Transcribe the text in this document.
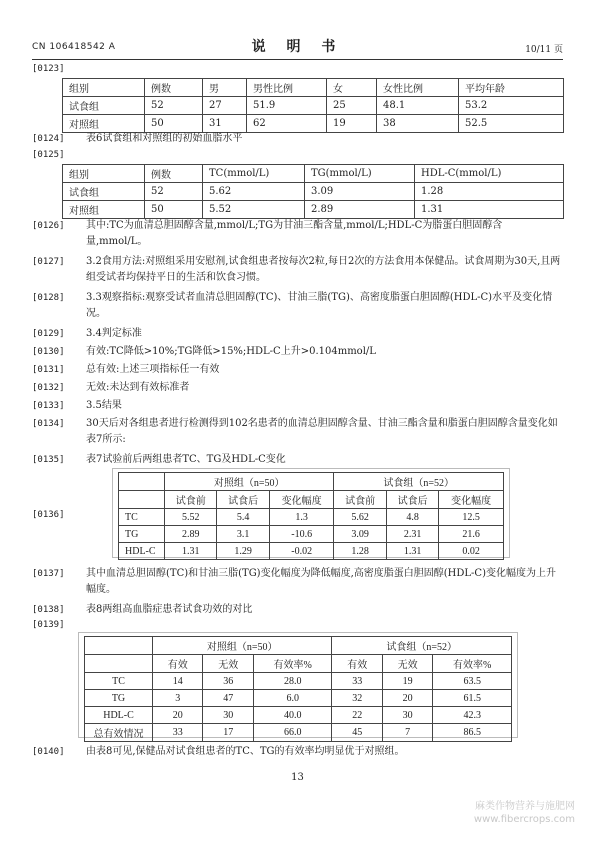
CN 106418542 A	说 明 书	10/11 页
[0123]
组别	例数	男	男性比例	女	女性比例	平均年龄
试食组	52	27	51.9	25	48.1	53.2
对照组	50	31	62	19	38	52.5
[0124] 表6试食组和对照组的初始血脂水平
[0125]
组别	例数	TC(mmol/L)	TG(mmol/L)	HDL-C(mmol/L)
试食组	52	5.62	3.09	1.28
对照组	50	5.52	2.89	1.31
[0126] 其中:TC为血清总胆固醇含量,mmol/L;TG为甘油三酯含量,mmol/L;HDL-C为脂蛋白胆固醇含量,mmol/L。
[0127] 3.2食用方法:对照组采用安慰剂,试食组患者按每次2粒,每日2次的方法食用本保健品。试食周期为30天,且两组受试者均保持平日的生活和饮食习惯。
[0128] 3.3观察指标:观察受试者血清总胆固醇(TC)、甘油三脂(TG)、高密度脂蛋白胆固醇(HDL-C)水平及变化情况。
[0129] 3.4判定标准
[0130] 有效:TC降低>10%;TG降低>15%;HDL-C上升>0.104mmol/L
[0131] 总有效:上述三项指标任一有效
[0132] 无效:未达到有效标准者
[0133] 3.5结果
[0134] 30天后对各组患者进行检测得到102名患者的血清总胆固醇含量、甘油三酯含量和脂蛋白胆固醇含量变化如表7所示:
[0135] 表7试验前后两组患者TC、TG及HDL-C变化
[0136]
	对照组（n=50）			试食组（n=52）		
	试食前	试食后	变化幅度	试食前	试食后	变化幅度
TC	5.52	5.4	1.3	5.62	4.8	12.5
TG	2.89	3.1	-10.6	3.09	2.31	21.6
HDL-C	1.31	1.29	-0.02	1.28	1.31	0.02
[0137] 其中血清总胆固醇(TC)和甘油三脂(TG)变化幅度为降低幅度,高密度脂蛋白胆固醇(HDL-C)变化幅度为上升幅度。
[0138] 表8两组高血脂症患者试食功效的对比
[0139]
	对照组（n=50）			试食组（n=52）		
	有效	无效	有效率%	有效	无效	有效率%
TC	14	36	28.0	33	19	63.5
TG	3	47	6.0	32	20	61.5
HDL-C	20	30	40.0	22	30	42.3
总有效情况	33	17	66.0	45	7	86.5
[0140] 由表8可见,保健品对试食组患者的TC、TG的有效率均明显优于对照组。
13
麻类作物营养与施肥网
www.fibercrops.com
